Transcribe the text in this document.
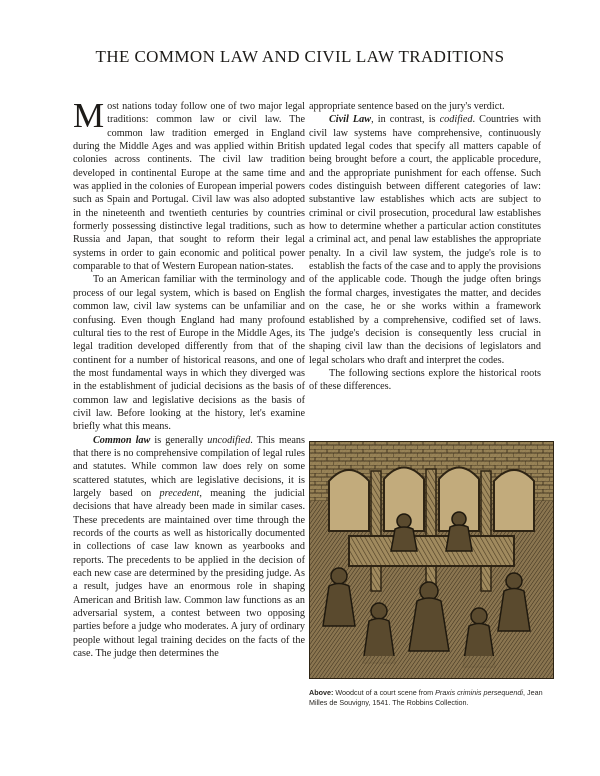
THE COMMON LAW AND CIVIL LAW TRADITIONS

Most nations today follow one of two major legal traditions: common law or civil law. The common law tradition emerged in England during the Middle Ages and was applied within British colonies across continents. The civil law tradition developed in continental Europe at the same time and was applied in the colonies of European imperial powers such as Spain and Portugal. Civil law was also adopted in the nineteenth and twentieth centuries by countries formerly possessing distinctive legal traditions, such as Russia and Japan, that sought to reform their legal systems in order to gain economic and political power comparable to that of Western European nation-states.

To an American familiar with the terminology and process of our legal system, which is based on English common law, civil law systems can be unfamiliar and confusing. Even though England had many profound cultural ties to the rest of Europe in the Middle Ages, its legal tradition developed differently from that of the continent for a number of historical reasons, and one of the most fundamental ways in which they diverged was in the establishment of judicial decisions as the basis of common law and legislative decisions as the basis of civil law. Before looking at the history, let's examine briefly what this means.

Common law is generally uncodified. This means that there is no comprehensive compilation of legal rules and statutes. While common law does rely on some scattered statutes, which are legislative decisions, it is largely based on precedent, meaning the judicial decisions that have already been made in similar cases. These precedents are maintained over time through the records of the courts as well as historically documented in collections of case law known as yearbooks and reports. The precedents to be applied in the decision of each new case are determined by the presiding judge. As a result, judges have an enormous role in shaping American and British law. Common law functions as an adversarial system, a contest between two opposing parties before a judge who moderates. A jury of ordinary people without legal training decides on the facts of the case. The judge then determines the

appropriate sentence based on the jury's verdict.

Civil Law, in contrast, is codified. Countries with civil law systems have comprehensive, continuously updated legal codes that specify all matters capable of being brought before a court, the applicable procedure, and the appropriate punishment for each offense. Such codes distinguish between different categories of law: substantive law establishes which acts are subject to criminal or civil prosecution, procedural law establishes how to determine whether a particular action constitutes a criminal act, and penal law establishes the appropriate penalty. In a civil law system, the judge's role is to establish the facts of the case and to apply the provisions of the applicable code. Though the judge often brings the formal charges, investigates the matter, and decides on the case, he or she works within a framework established by a comprehensive, codified set of laws. The judge's decision is consequently less crucial in shaping civil law than the decisions of legislators and legal scholars who draft and interpret the codes.

The following sections explore the historical roots of these differences.

Above: Woodcut of a court scene from Praxis criminis persequendi, Jean Milles de Souvigny, 1541. The Robbins Collection.
